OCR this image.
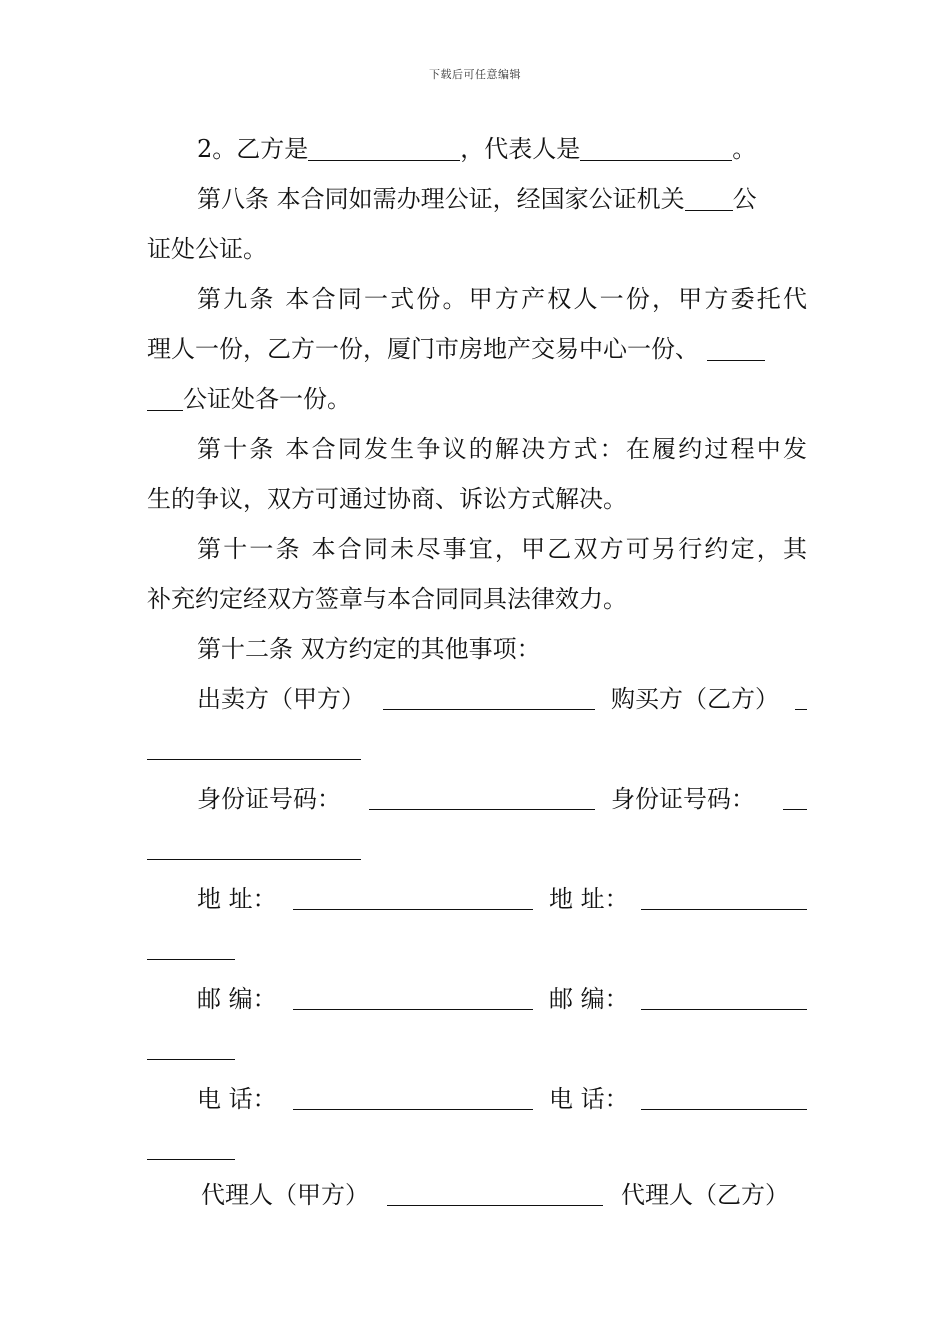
下载后可任意编辑
2。乙方是	，代表人是	。
第八条 本合同如需办理公证，经国家公证机关 公
证处公证。
第九条 本合同一式份。甲方产权人一份，甲方委托代
理人一份，乙方一份，厦门市房地产交易中心一份、
公证处各一份。
第十条 本合同发生争议的解决方式：在履约过程中发
生的争议，双方可通过协商、诉讼方式解决。
第十一条 本合同未尽事宜，甲乙双方可另行约定，其
补充约定经双方签章与本合同同具法律效力。
第十二条 双方约定的其他事项：
出卖方（甲方）	购买方（乙方）
身份证号码：	身份证号码：
地 址：	地 址：
邮 编：	邮 编：
电 话：	电 话：
代理人（甲方）	代理人（乙方）
